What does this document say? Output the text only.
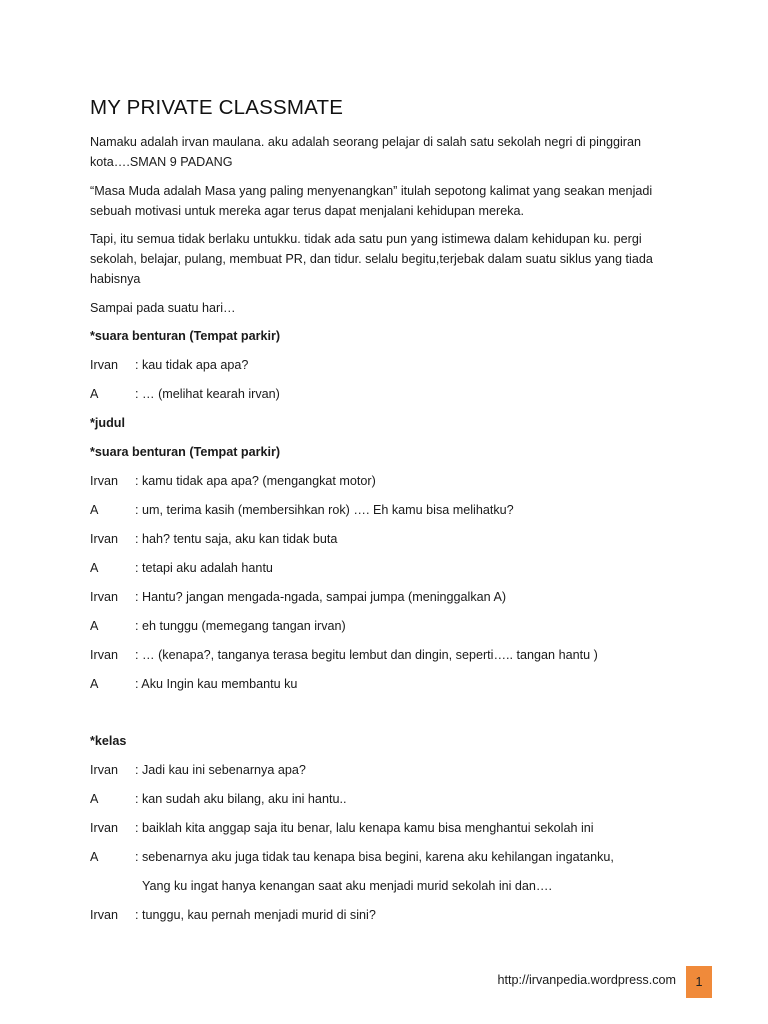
MY PRIVATE CLASSMATE

Namaku adalah irvan maulana. aku adalah seorang pelajar di salah satu sekolah negri di pinggiran kota….SMAN 9 PADANG

“Masa Muda adalah Masa yang paling menyenangkan” itulah sepotong kalimat yang seakan menjadi sebuah motivasi untuk mereka agar terus dapat menjalani kehidupan mereka.

Tapi, itu semua tidak berlaku untukku. tidak ada satu pun yang istimewa dalam kehidupan ku. pergi sekolah, belajar, pulang, membuat PR, dan tidur. selalu begitu,terjebak dalam suatu siklus yang tiada habisnya

Sampai pada suatu hari…

*suara benturan (Tempat parkir)
Irvan	: kau tidak apa apa?
A	: … (melihat kearah irvan)
*judul
*suara benturan (Tempat parkir)
Irvan	: kamu tidak apa apa? (mengangkat motor)
A	: um, terima kasih (membersihkan rok) …. Eh kamu bisa melihatku?
Irvan	: hah? tentu saja, aku kan tidak buta
A	: tetapi aku adalah hantu
Irvan	: Hantu? jangan mengada-ngada, sampai jumpa (meninggalkan A)
A	: eh tunggu (memegang tangan irvan)
Irvan	: … (kenapa?, tanganya terasa begitu lembut dan dingin, seperti….. tangan hantu )
A	: Aku Ingin kau membantu ku
*kelas
Irvan	: Jadi kau ini sebenarnya apa?
A	: kan sudah aku bilang, aku ini hantu..
Irvan	: baiklah kita anggap saja itu benar, lalu kenapa kamu bisa menghantui sekolah ini
A	: sebenarnya aku juga tidak tau kenapa bisa begini, karena aku kehilangan ingatanku,
Yang ku ingat hanya kenangan saat aku menjadi murid sekolah ini dan….
Irvan	: tunggu, kau pernah menjadi murid di sini?
http://irvanpedia.wordpress.com	1
